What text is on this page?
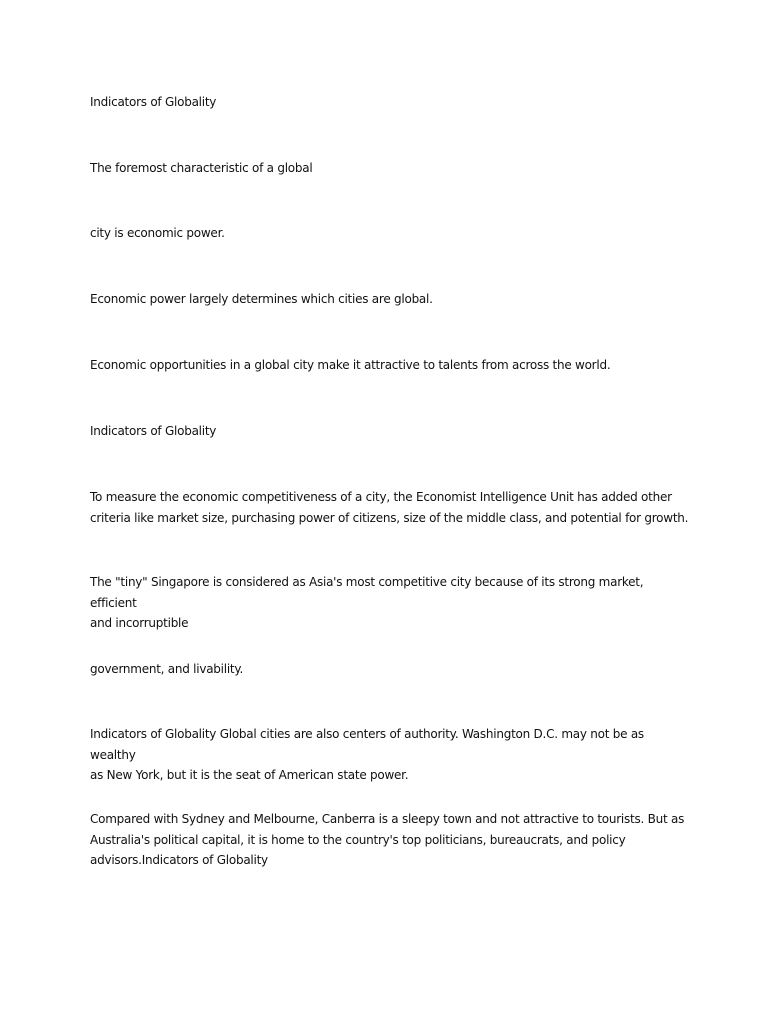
Indicators of Globality

The foremost characteristic of a global

city is economic power.

Economic power largely determines which cities are global.

Economic opportunities in a global city make it attractive to talents from across the world.

Indicators of Globality

To measure the economic competitiveness of a city, the Economist Intelligence Unit has added other
criteria like market size, purchasing power of citizens, size of the middle class, and potential for growth.

The "tiny" Singapore is considered as Asia's most competitive city because of its strong market, efficient
and incorruptible

government, and livability.

Indicators of Globality Global cities are also centers of authority. Washington D.C. may not be as wealthy
as New York, but it is the seat of American state power.

Compared with Sydney and Melbourne, Canberra is a sleepy town and not attractive to tourists. But as
Australia's political capital, it is home to the country's top politicians, bureaucrats, and policy
advisors.Indicators of Globality
